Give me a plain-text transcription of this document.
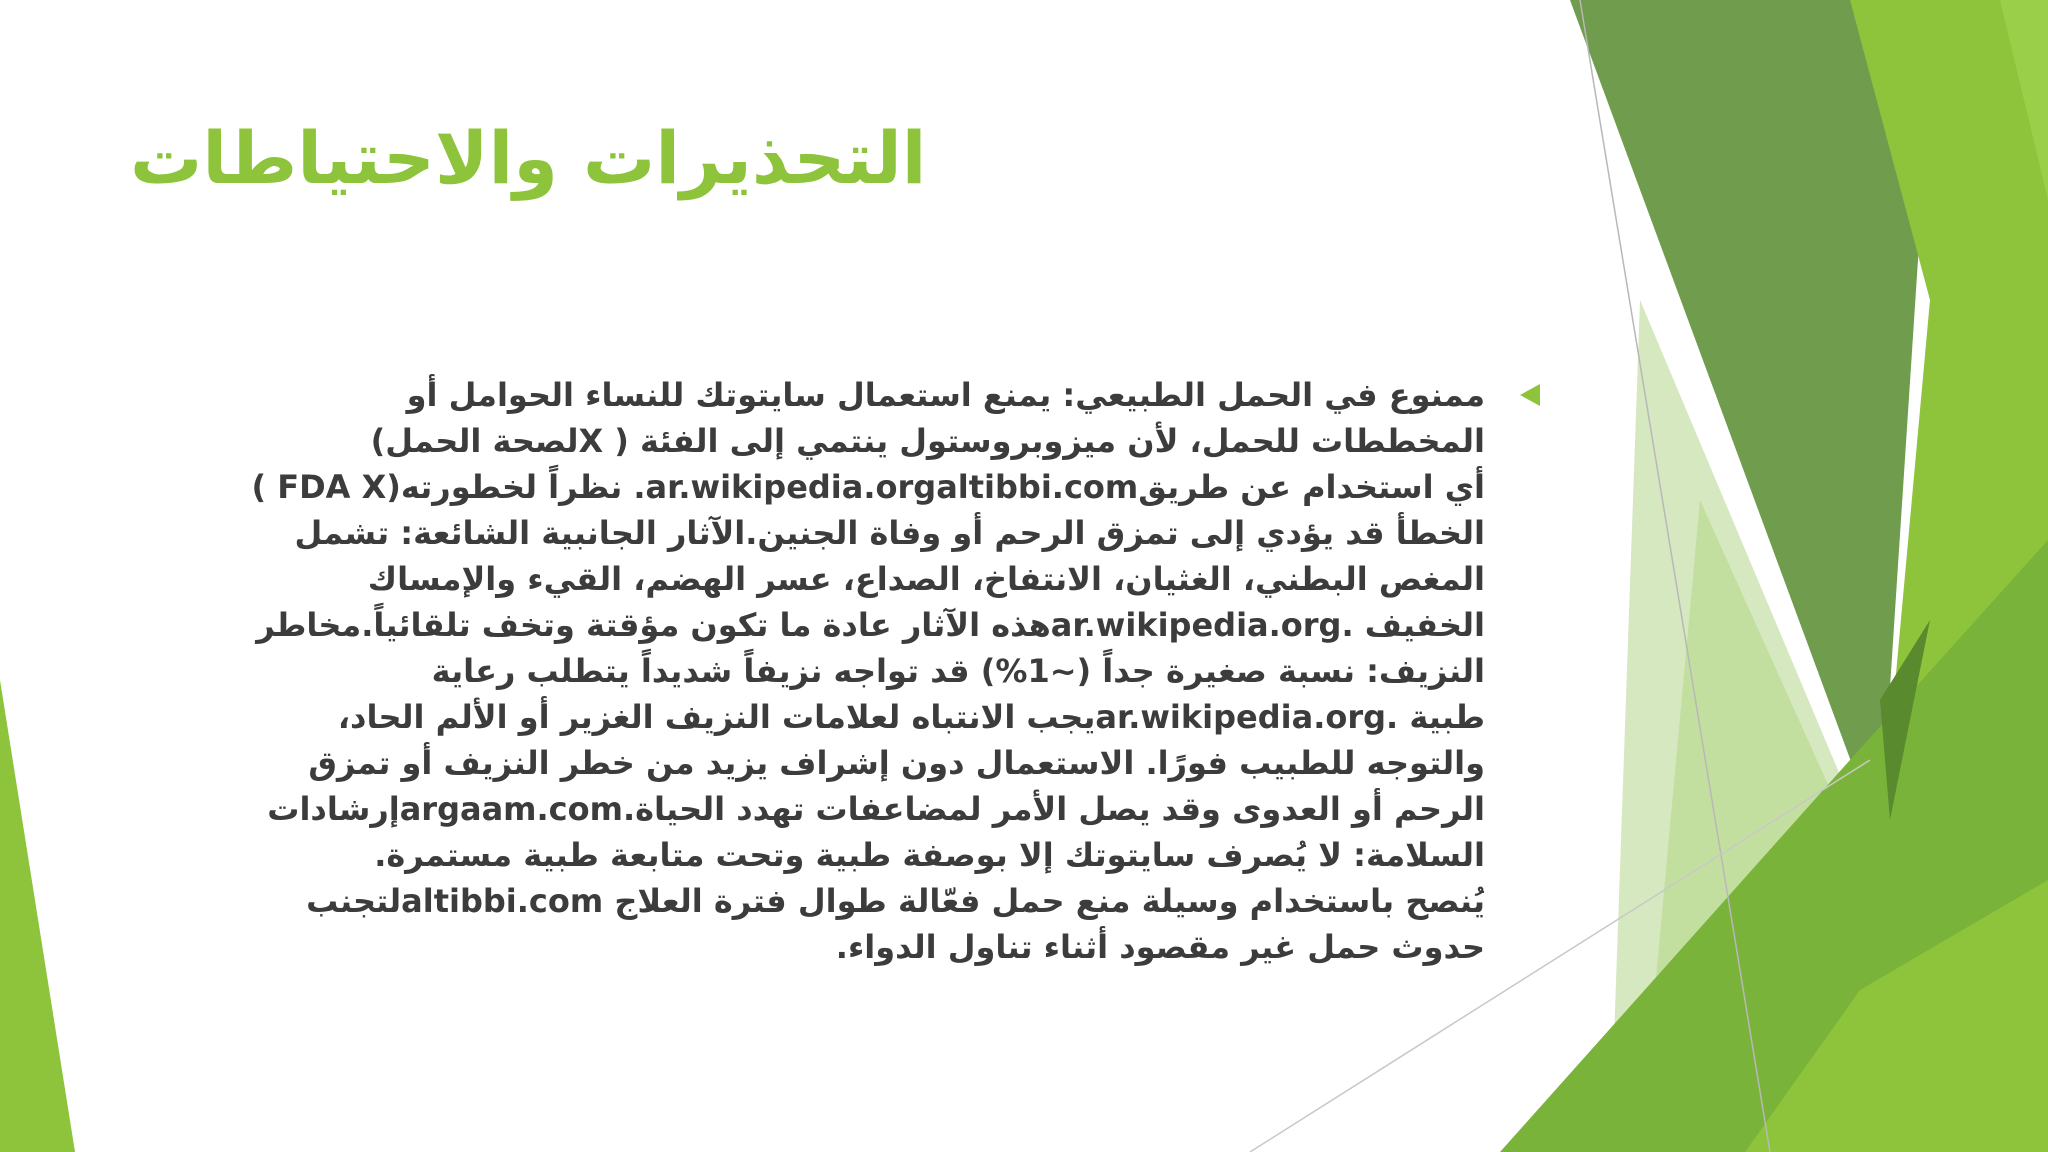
التحذيرات والاحتياطات
ممنوع في الحمل الطبيعي: يمنع استعمال سايتوتك للنساء الحوامل أو
المخططات للحمل، لأن ميزوبروستول ينتمي إلى الفئة ( Xلصحة الحمل)
( FDA X)نظراً لخطورته .ar.wikipedia.orgaltibbi.comأي استخدام عن طريق
الخطأ قد يؤدي إلى تمزق الرحم أو وفاة الجنين.الآثار الجانبية الشائعة: تشمل
المغص البطني، الغثيان، الانتفاخ، الصداع، عسر الهضم، القيء والإمساك
الخفيف .ar.wikipedia.orgهذه الآثار عادة ما تكون مؤقتة وتخف تلقائياً.مخاطر
النزيف: نسبة صغيرة جداً (~1%) قد تواجه نزيفاً شديداً يتطلب رعاية
طبية .ar.wikipedia.orgيجب الانتباه لعلامات النزيف الغزير أو الألم الحاد،
والتوجه للطبيب فورًا. الاستعمال دون إشراف يزيد من خطر النزيف أو تمزق
الرحم أو العدوى وقد يصل الأمر لمضاعفات تهدد الحياة.argaam.comإرشادات
السلامة: لا يُصرف سايتوتك إلا بوصفة طبية وتحت متابعة طبية مستمرة.
يُنصح باستخدام وسيلة منع حمل فعّالة طوال فترة العلاج altibbi.comلتجنب
حدوث حمل غير مقصود أثناء تناول الدواء.
